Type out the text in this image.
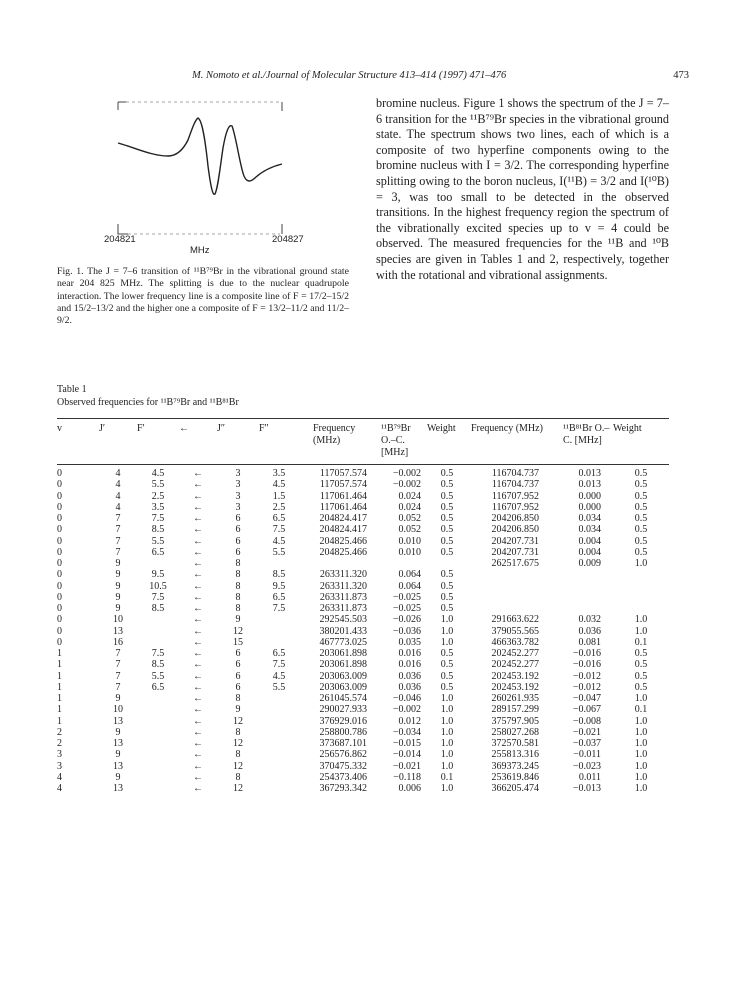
M. Nomoto et al./Journal of Molecular Structure 413–414 (1997) 471–476	473
204821	204827
MHz

Fig. 1. The J = 7–6 transition of ¹¹B⁷⁹Br in the vibrational ground state near 204 825 MHz. The splitting is due to the nuclear quadrupole interaction. The lower frequency line is a composite line of F = 17/2–15/2 and 15/2–13/2 and the higher one a composite of F = 13/2–11/2 and 11/2–9/2.

bromine nucleus. Figure 1 shows the spectrum of the J = 7–6 transition for the ¹¹B⁷⁹Br species in the vibrational ground state. The spectrum shows two lines, each of which is a composite of two hyperfine components owing to the bromine nucleus with I = 3/2. The corresponding hyperfine splitting owing to the boron nucleus, I(¹¹B) = 3/2 and I(¹⁰B) = 3, was too small to be detected in the observed transitions. In the highest frequency region the spectrum of the vibrationally excited species up to v = 4 could be observed. The measured frequencies for the ¹¹B and ¹⁰B species are given in Tables 1 and 2, respectively, together with the rotational and vibrational assignments.

Table 1
Observed frequencies for ¹¹B⁷⁹Br and ¹¹B⁸¹Br
v	J′	F′	←	J″	F″	Frequency (MHz)	¹¹B⁷⁹Br O.–C. [MHz]	Weight	Frequency (MHz)	¹¹B⁸¹Br O.–C. [MHz]	Weight
0	4	4.5	←	3	3.5	117057.574	−0.002	0.5	116704.737	0.013	0.5
0	4	5.5	←	3	4.5	117057.574	−0.002	0.5	116704.737	0.013	0.5
0	4	2.5	←	3	1.5	117061.464	0.024	0.5	116707.952	0.000	0.5
0	4	3.5	←	3	2.5	117061.464	0.024	0.5	116707.952	0.000	0.5
0	7	7.5	←	6	6.5	204824.417	0.052	0.5	204206.850	0.034	0.5
0	7	8.5	←	6	7.5	204824.417	0.052	0.5	204206.850	0.034	0.5
0	7	5.5	←	6	4.5	204825.466	0.010	0.5	204207.731	0.004	0.5
0	7	6.5	←	6	5.5	204825.466	0.010	0.5	204207.731	0.004	0.5
0	9		←	8					262517.675	0.009	1.0
0	9	9.5	←	8	8.5	263311.320	0.064	0.5			
0	9	10.5	←	8	9.5	263311.320	0.064	0.5			
0	9	7.5	←	8	6.5	263311.873	−0.025	0.5			
0	9	8.5	←	8	7.5	263311.873	−0.025	0.5			
0	10		←	9		292545.503	−0.026	1.0	291663.622	0.032	1.0
0	13		←	12		380201.433	−0.036	1.0	379055.565	0.036	1.0
0	16		←	15		467773.025	0.035	1.0	466363.782	0.081	0.1
1	7	7.5	←	6	6.5	203061.898	0.016	0.5	202452.277	−0.016	0.5
1	7	8.5	←	6	7.5	203061.898	0.016	0.5	202452.277	−0.016	0.5
1	7	5.5	←	6	4.5	203063.009	0.036	0.5	202453.192	−0.012	0.5
1	7	6.5	←	6	5.5	203063.009	0.036	0.5	202453.192	−0.012	0.5
1	9		←	8		261045.574	−0.046	1.0	260261.935	−0.047	1.0
1	10		←	9		290027.933	−0.002	1.0	289157.299	−0.067	0.1
1	13		←	12		376929.016	0.012	1.0	375797.905	−0.008	1.0
2	9		←	8		258800.786	−0.034	1.0	258027.268	−0.021	1.0
2	13		←	12		373687.101	−0.015	1.0	372570.581	−0.037	1.0
3	9		←	8		256576.862	−0.014	1.0	255813.316	−0.011	1.0
3	13		←	12		370475.332	−0.021	1.0	369373.245	−0.023	1.0
4	9		←	8		254373.406	−0.118	0.1	253619.846	0.011	1.0
4	13		←	12		367293.342	0.006	1.0	366205.474	−0.013	1.0
